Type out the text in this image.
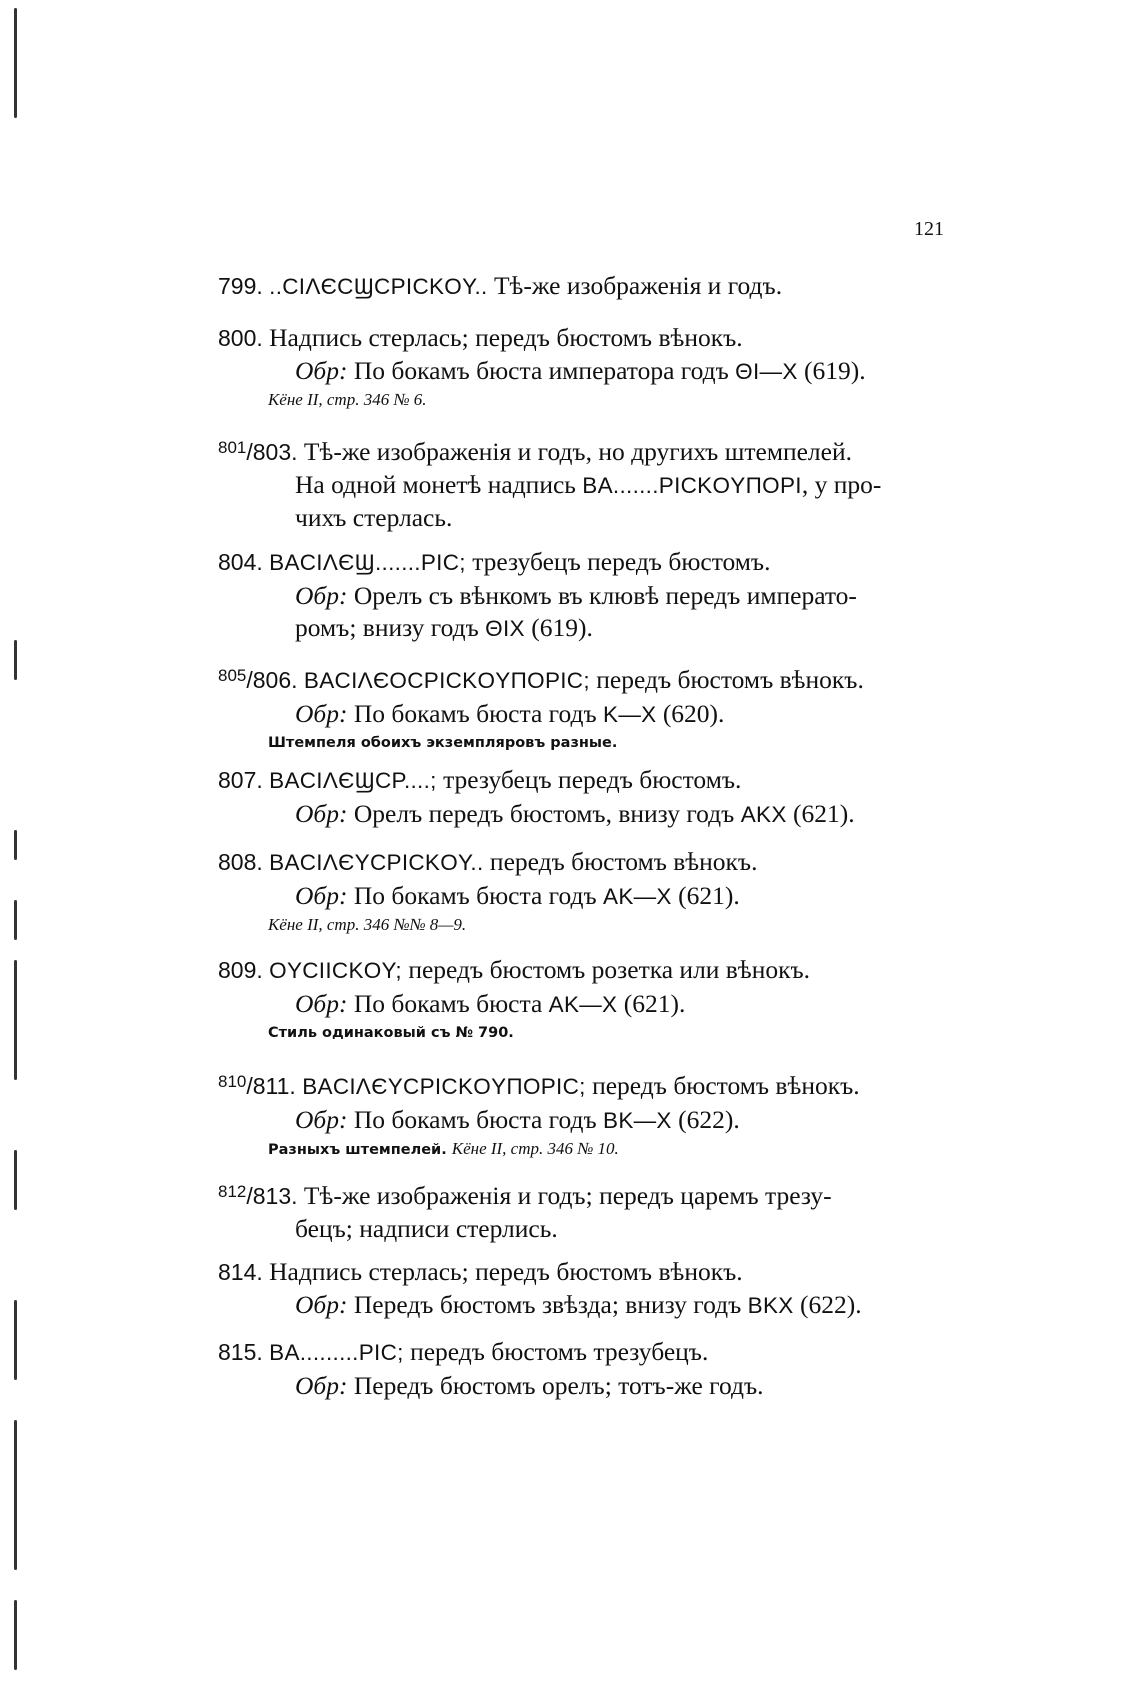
121
799. ..CIΛЄCϢCPICKOY.. Тѣ-же изображенія и годъ.
800. Надпись стерлась; передъ бюстомъ вѣнокъ.
Обр: По бокамъ бюста императора годъ ΘI—X (619).
Кёне II, стр. 346 № 6.
$^{801}$/803. Тѣ-же изображенія и годъ, но другихъ штемпелей.
На одной монетѣ надпись BA.......PICKOYΠOPI, у про-
чихъ стерлась.
804. BACIΛЄϢ.......PIC; трезубецъ передъ бюстомъ.
Обр: Орелъ съ вѣнкомъ въ клювѣ передъ императо-
ромъ; внизу годъ ΘIX (619).
$^{805}$/806. BACIΛЄOCPICKOYΠOPIC; передъ бюстомъ вѣнокъ.
Обр: По бокамъ бюста годъ K—X (620).
Штемпеля обоихъ экземпляровъ разные.
807. BACIΛЄϢCP....; трезубецъ передъ бюстомъ.
Обр: Орелъ передъ бюстомъ, внизу годъ AKX (621).
808. BACIΛЄYCPICKOY.. передъ бюстомъ вѣнокъ.
Обр: По бокамъ бюста годъ AK—X (621).
Кёне II, стр. 346 №№ 8—9.
809. OYCIICKOY; передъ бюстомъ розетка или вѣнокъ.
Обр: По бокамъ бюста AK—X (621).
Стиль одинаковый съ № 790.
$^{810}$/811. BACIΛЄYCPICKOYΠOPIC; передъ бюстомъ вѣнокъ.
Обр: По бокамъ бюста годъ BK—X (622).
Разныхъ штемпелей. Кёне II, стр. 346 № 10.
$^{812}$/813. Тѣ-же изображенія и годъ; передъ царемъ трезу-
бецъ; надписи стерлись.
814. Надпись стерлась; передъ бюстомъ вѣнокъ.
Обр: Передъ бюстомъ звѣзда; внизу годъ BKX (622).
815. BA.........PIC; передъ бюстомъ трезубецъ.
Обр: Передъ бюстомъ орелъ; тотъ-же годъ.
